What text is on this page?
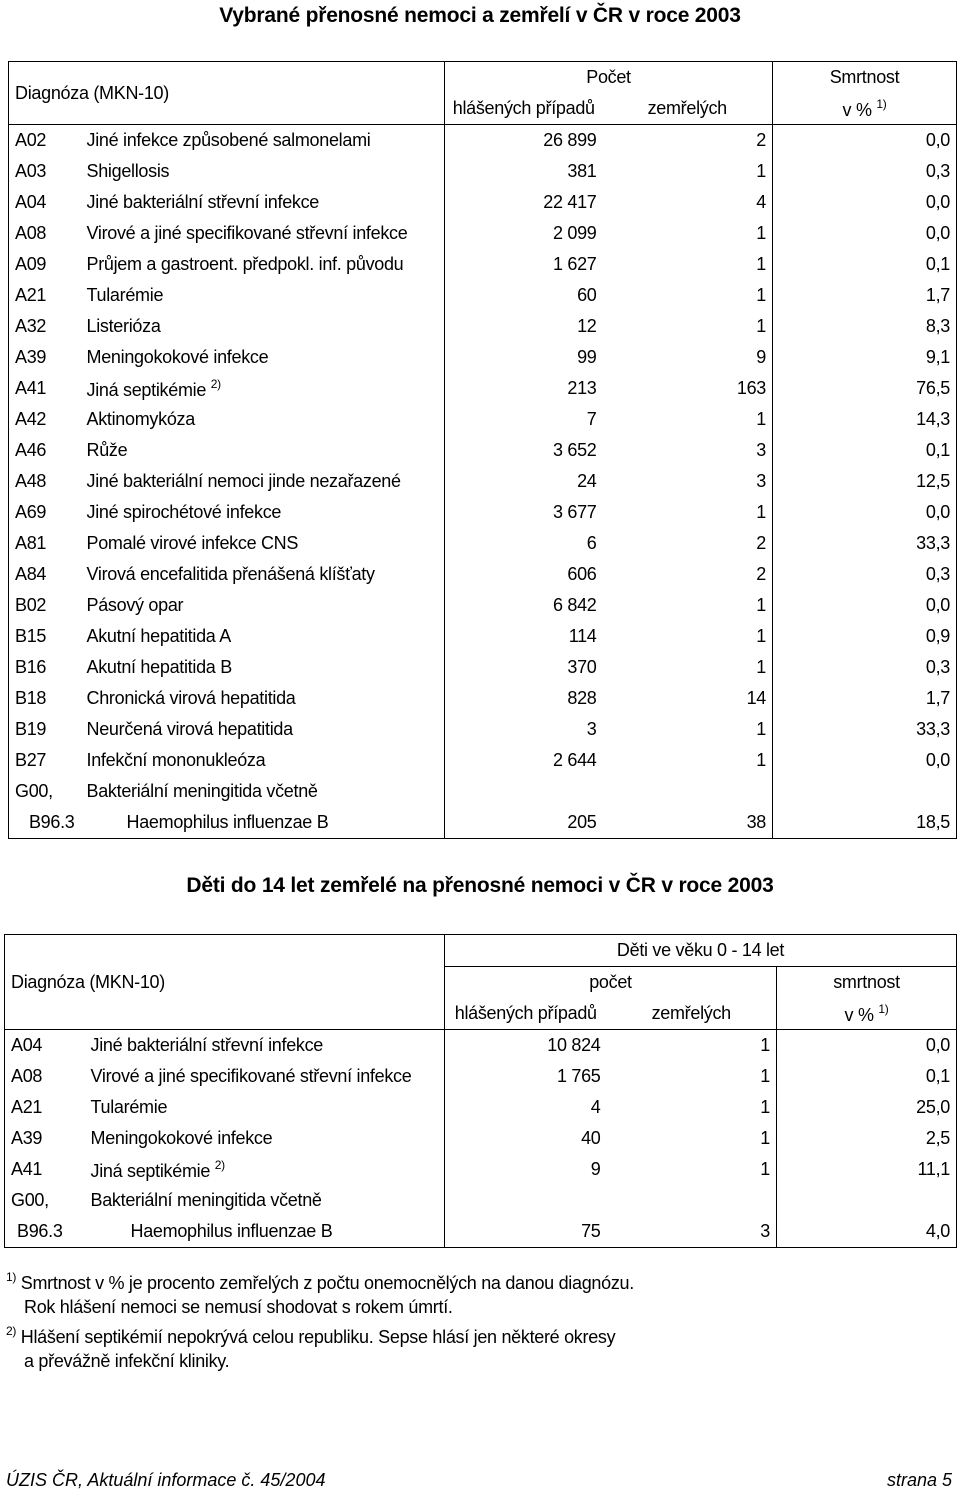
Vybrané přenosné nemoci a zemřelí v ČR v roce 2003
Diagnóza (MKN-10)		Počet		Smrtnost
		hlášených případů	zemřelých	v % $^{1)}$
A02	Jiné infekce způsobené salmonelami	26 899	2	0,0
A03	Shigellosis	381	1	0,3
A04	Jiné bakteriální střevní infekce	22 417	4	0,0
A08	Virové a jiné specifikované střevní infekce	2 099	1	0,0
A09	Průjem a gastroent. předpokl. inf. původu	1 627	1	0,1
A21	Tularémie	60	1	1,7
A32	Listerióza	12	1	8,3
A39	Meningokokové infekce	99	9	9,1
A41	Jiná septikémie $^{2)}$	213	163	76,5
A42	Aktinomykóza	7	1	14,3
A46	Růže	3 652	3	0,1
A48	Jiné bakteriální nemoci jinde nezařazené	24	3	12,5
A69	Jiné spirochétové infekce	3 677	1	0,0
A81	Pomalé virové infekce CNS	6	2	33,3
A84	Virová encefalitida přenášená klíšťaty	606	2	0,3
B02	Pásový opar	6 842	1	0,0
B15	Akutní hepatitida A	114	1	0,9
B16	Akutní hepatitida B	370	1	0,3
B18	Chronická virová hepatitida	828	14	1,7
B19	Neurčená virová hepatitida	3	1	33,3
B27	Infekční mononukleóza	2 644	1	0,0
G00,	Bakteriální meningitida včetně			
B96.3	Haemophilus influenzae B	205	38	18,5
Děti do 14 let zemřelé na přenosné nemoci v ČR v roce 2003
		Děti ve věku 0 - 14 let		
Diagnóza (MKN-10)		počet		smrtnost
		hlášených případů	zemřelých	v % $^{1)}$
A04	Jiné bakteriální střevní infekce	10 824	1	0,0
A08	Virové a jiné specifikované střevní infekce	1 765	1	0,1
A21	Tularémie	4	1	25,0
A39	Meningokokové infekce	40	1	2,5
A41	Jiná septikémie $^{2)}$	9	1	11,1
G00,	Bakteriální meningitida včetně			
B96.3	Haemophilus influenzae B	75	3	4,0
$^{1)}$ Smrtnost v % je procento zemřelých z počtu onemocnělých na danou diagnózu.
Rok hlášení nemoci se nemusí shodovat s rokem úmrtí.
$^{2)}$ Hlášení septikémií nepokrývá celou republiku. Sepse hlásí jen některé okresy
a převážně infekční kliniky.
ÚZIS ČR, Aktuální informace č. 45/2004	strana 5
